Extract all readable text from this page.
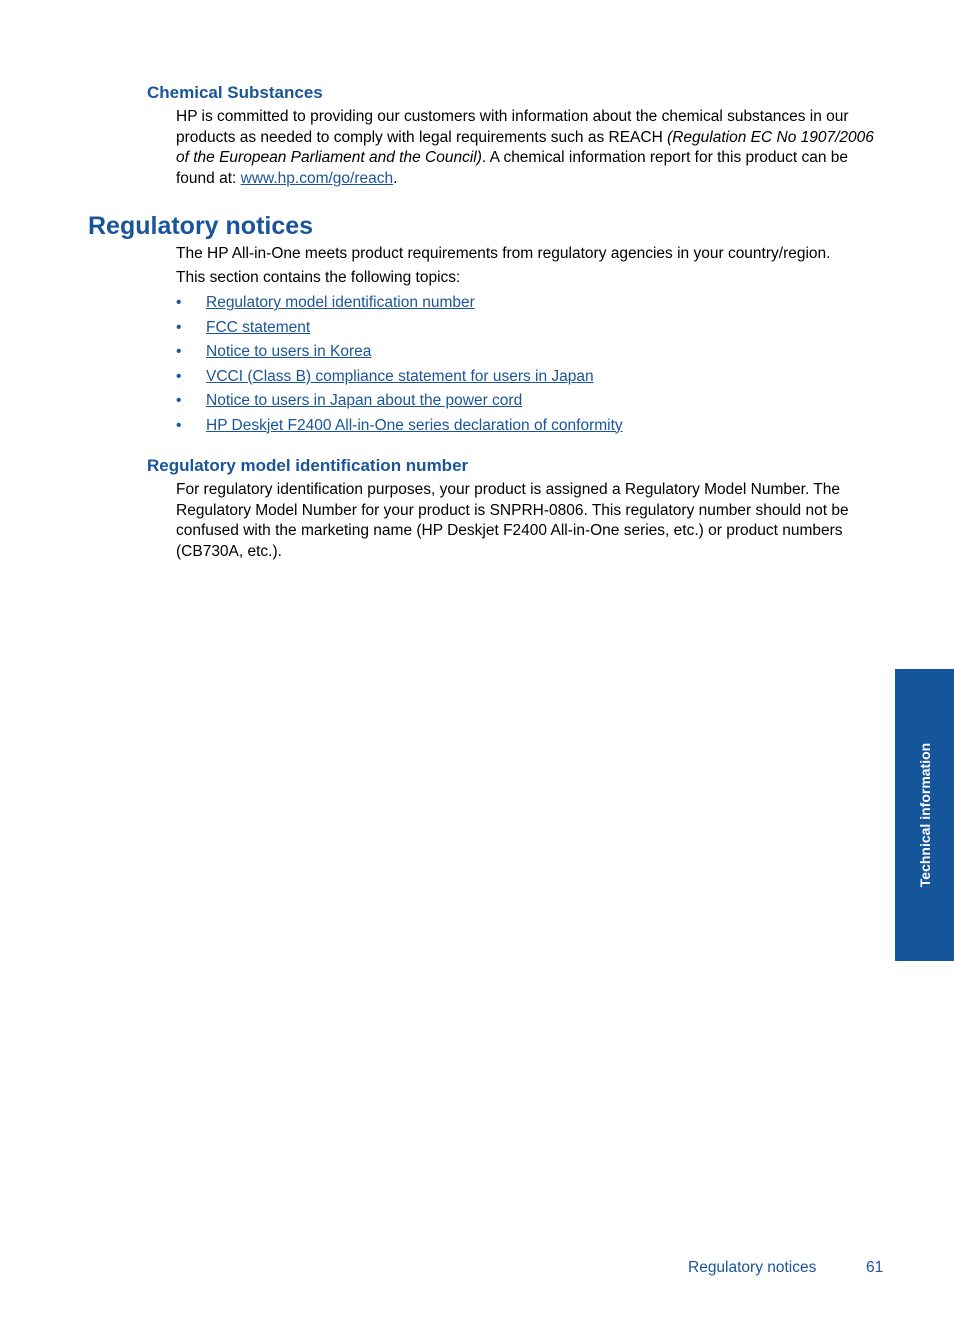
Chemical Substances

HP is committed to providing our customers with information about the chemical substances in our products as needed to comply with legal requirements such as REACH (Regulation EC No 1907/2006 of the European Parliament and the Council). A chemical information report for this product can be found at: www.hp.com/go/reach.

Regulatory notices

The HP All-in-One meets product requirements from regulatory agencies in your country/region.

This section contains the following topics:

• Regulatory model identification number
• FCC statement
• Notice to users in Korea
• VCCI (Class B) compliance statement for users in Japan
• Notice to users in Japan about the power cord
• HP Deskjet F2400 All-in-One series declaration of conformity
Regulatory model identification number

For regulatory identification purposes, your product is assigned a Regulatory Model Number. The Regulatory Model Number for your product is SNPRH-0806. This regulatory number should not be confused with the marketing name (HP Deskjet F2400 All-in-One series, etc.) or product numbers (CB730A, etc.).

Technical information
Regulatory notices	61
